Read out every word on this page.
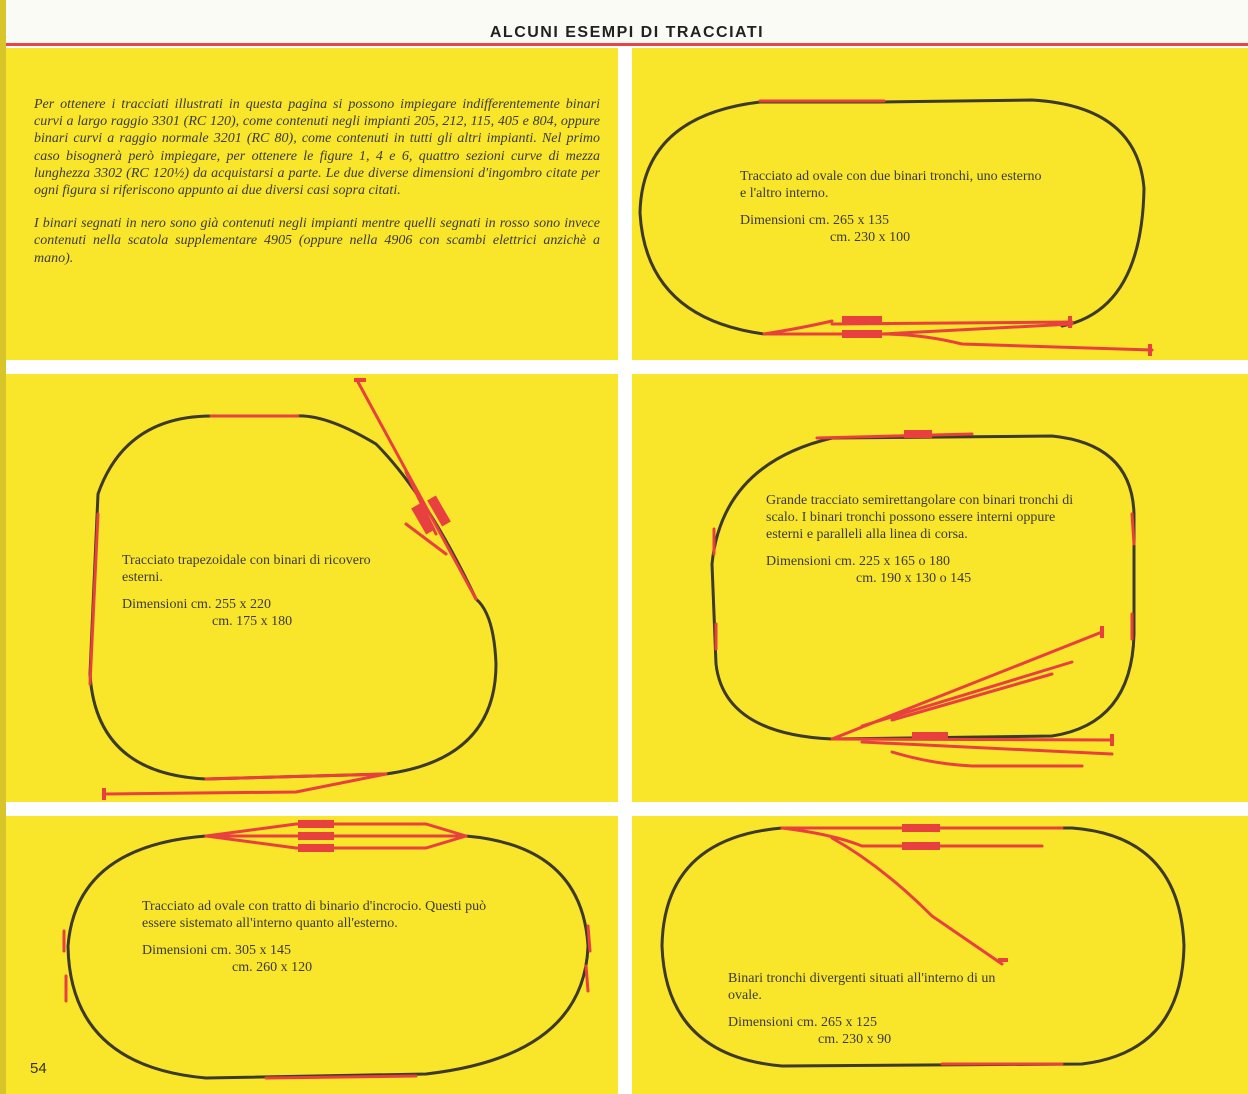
ALCUNI ESEMPI DI TRACCIATI

Per ottenere i tracciati illustrati in questa pagina si possono impiegare indifferentemente binari curvi a largo raggio 3301 (RC 120), come contenuti negli impianti 205, 212, 115, 405 e 804, oppure binari curvi a raggio normale 3201 (RC 80), come contenuti in tutti gli altri impianti. Nel primo caso bisognerà però impiegare, per ottenere le figure 1, 4 e 6, quattro sezioni curve di mezza lunghezza 3302 (RC 120½) da acquistarsi a parte. Le due diverse dimensioni d'ingombro citate per ogni figura si riferiscono appunto ai due diversi casi sopra citati.

I binari segnati in nero sono già contenuti negli impianti mentre quelli segnati in rosso sono invece contenuti nella scatola supplementare 4905 (oppure nella 4906 con scambi elettrici anzichè a mano).

Tracciato ad ovale con due binari tronchi, uno esterno e l'altro interno.
Dimensioni cm. 265 x 135
cm. 230 x 100
Tracciato trapezoidale con binari di ricovero esterni.
Dimensioni cm. 255 x 220
cm. 175 x 180
Grande tracciato semirettangolare con binari tronchi di scalo. I binari tronchi possono essere interni oppure esterni e paralleli alla linea di corsa.
Dimensioni cm. 225 x 165 o 180
cm. 190 x 130 o 145
Tracciato ad ovale con tratto di binario d'incrocio. Questi può essere sistemato all'interno quanto all'esterno.
Dimensioni cm. 305 x 145
cm. 260 x 120
Binari tronchi divergenti situati all'interno di un ovale.
Dimensioni cm. 265 x 125
cm. 230 x 90
54
